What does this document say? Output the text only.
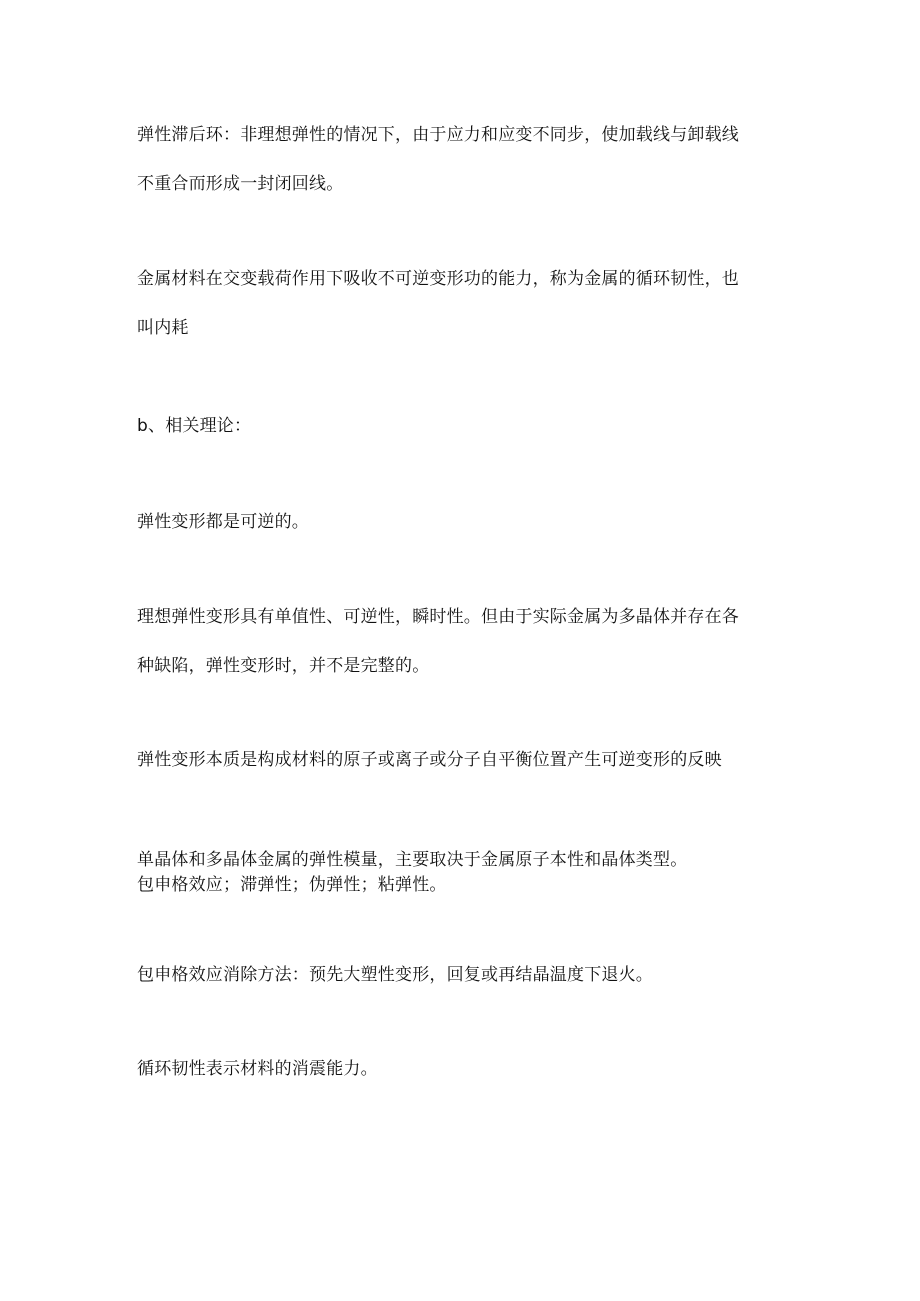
弹性滞后环：非理想弹性的情况下，由于应力和应变不同步，使加载线与卸载线
不重合而形成一封闭回线。
金属材料在交变载荷作用下吸收不可逆变形功的能力，称为金属的循环韧性，也
叫内耗
b、相关理论：
弹性变形都是可逆的。
理想弹性变形具有单值性、可逆性，瞬时性。但由于实际金属为多晶体并存在各
种缺陷，弹性变形时，并不是完整的。
弹性变形本质是构成材料的原子或离子或分子自平衡位置产生可逆变形的反映
单晶体和多晶体金属的弹性模量，主要取决于金属原子本性和晶体类型。
包申格效应；滞弹性；伪弹性；粘弹性。
包申格效应消除方法：预先大塑性变形，回复或再结晶温度下退火。
循环韧性表示材料的消震能力。
